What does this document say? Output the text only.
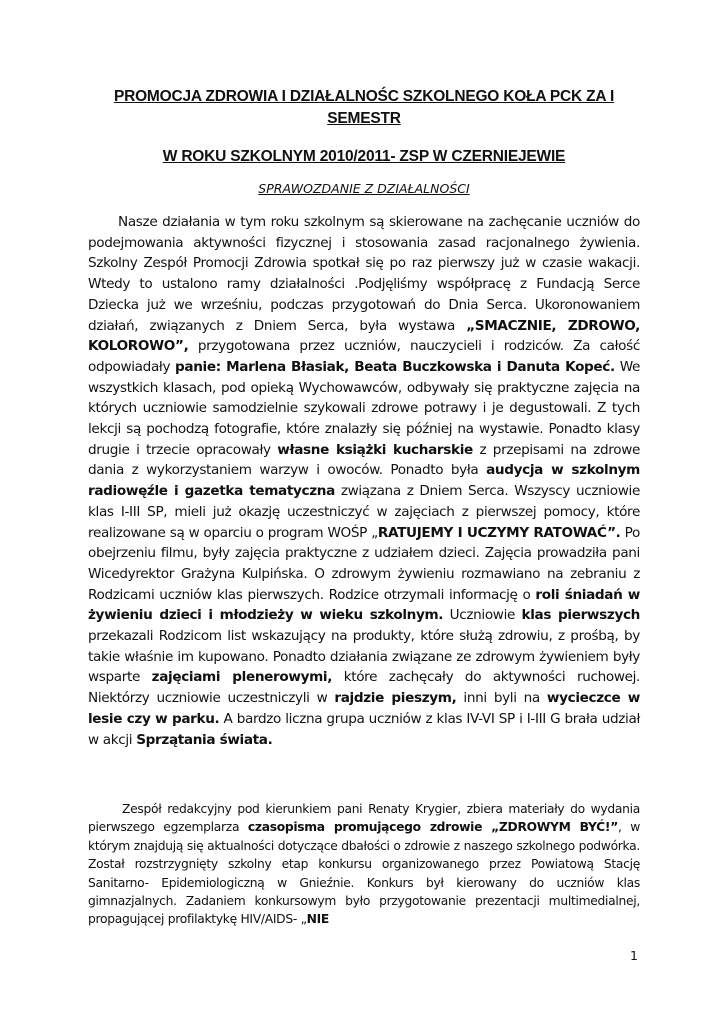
PROMOCJA ZDROWIA I DZIAŁALNOŚC SZKOLNEGO KOŁA PCK ZA I SEMESTR
W ROKU SZKOLNYM 2010/2011- ZSP W CZERNIEJEWIE
SPRAWOZDANIE Z DZIAŁALNOŚCI
Nasze działania w tym roku szkolnym są skierowane na zachęcanie uczniów do podejmowania aktywności fizycznej i stosowania zasad racjonalnego żywienia. Szkolny Zespół Promocji Zdrowia spotkał się po raz pierwszy już w czasie wakacji. Wtedy to ustalono ramy działalności .Podjęliśmy współpracę z Fundacją Serce Dziecka już we wrześniu, podczas przygotowań do Dnia Serca. Ukoronowaniem działań, związanych z Dniem Serca, była wystawa „SMACZNIE, ZDROWO, KOLOROWO”, przygotowana przez uczniów, nauczycieli i rodziców. Za całość odpowiadały panie: Marlena Błasiak, Beata Buczkowska i Danuta Kopeć. We wszystkich klasach, pod opieką Wychowawców, odbywały się praktyczne zajęcia na których uczniowie samodzielnie szykowali zdrowe potrawy i je degustowali. Z tych lekcji są pochodzą fotografie, które znalazły się później na wystawie. Ponadto klasy drugie i trzecie opracowały własne książki kucharskie z przepisami na zdrowe dania z wykorzystaniem warzyw i owoców. Ponadto była audycja w szkolnym radiowęźle i gazetka tematyczna związana z Dniem Serca. Wszyscy uczniowie klas I-III SP, mieli już okazję uczestniczyć w zajęciach z pierwszej pomocy, które realizowane są w oparciu o program WOŚP „RATUJEMY I UCZYMY RATOWAĆ”. Po obejrzeniu filmu, były zajęcia praktyczne z udziałem dzieci. Zajęcia prowadziła pani Wicedyrektor Grażyna Kulpińska. O zdrowym żywieniu rozmawiano na zebraniu z Rodzicami uczniów klas pierwszych. Rodzice otrzymali informację o roli śniadań w żywieniu dzieci i młodzieży w wieku szkolnym. Uczniowie klas pierwszych przekazali Rodzicom list wskazujący na produkty, które służą zdrowiu, z prośbą, by takie właśnie im kupowano. Ponadto działania związane ze zdrowym żywieniem były wsparte zajęciami plenerowymi, które zachęcały do aktywności ruchowej. Niektórzy uczniowie uczestniczyli w rajdzie pieszym, inni byli na wycieczce w lesie czy w parku. A bardzo liczna grupa uczniów z klas IV-VI SP i I-III G brała udział w akcji Sprzątania świata.
Zespół redakcyjny pod kierunkiem pani Renaty Krygier, zbiera materiały do wydania pierwszego egzemplarza czasopisma promującego zdrowie „ZDROWYM BYĆ!”, w którym znajdują się aktualności dotyczące dbałości o zdrowie z naszego szkolnego podwórka. Został rozstrzygnięty szkolny etap konkursu organizowanego przez Powiatową Stację Sanitarno- Epidemiologiczną w Gnieźnie. Konkurs był kierowany do uczniów klas gimnazjalnych. Zadaniem konkursowym było przygotowanie prezentacji multimedialnej, propagującej profilaktykę HIV/AIDS- „NIE
1
